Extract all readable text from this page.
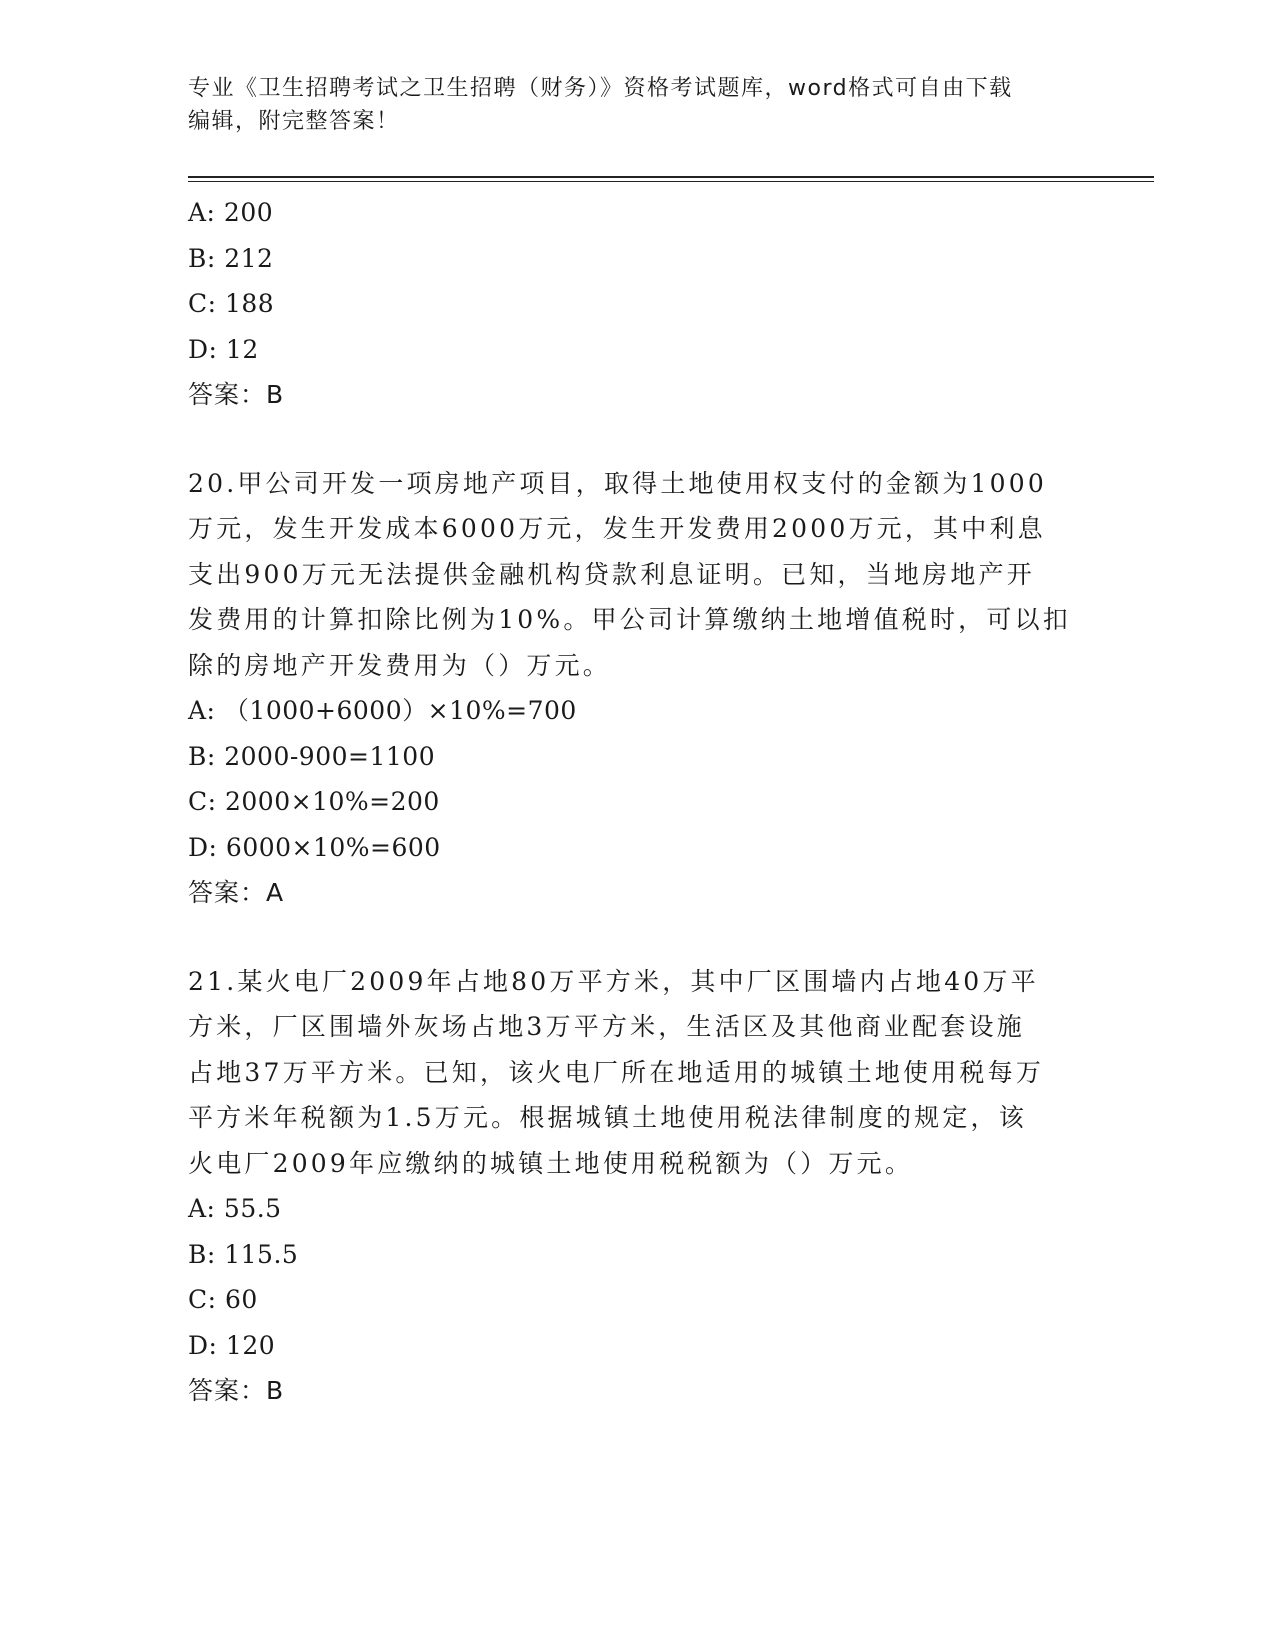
专业《卫生招聘考试之卫生招聘（财务）》资格考试题库，word格式可自由下载
编辑，附完整答案！
A: 200
B: 212
C: 188
D: 12
答案：B
20.甲公司开发一项房地产项目，取得土地使用权支付的金额为1000
万元，发生开发成本6000万元，发生开发费用2000万元，其中利息
支出900万元无法提供金融机构贷款利息证明。已知，当地房地产开
发费用的计算扣除比例为10%。甲公司计算缴纳土地增值税时，可以扣
除的房地产开发费用为（）万元。
A: （1000+6000）×10%=700
B: 2000-900=1100
C: 2000×10%=200
D: 6000×10%=600
答案：A
21.某火电厂2009年占地80万平方米，其中厂区围墙内占地40万平
方米，厂区围墙外灰场占地3万平方米，生活区及其他商业配套设施
占地37万平方米。已知，该火电厂所在地适用的城镇土地使用税每万
平方米年税额为1.5万元。根据城镇土地使用税法律制度的规定，该
火电厂2009年应缴纳的城镇土地使用税税额为（）万元。
A: 55.5
B: 115.5
C: 60
D: 120
答案：B
